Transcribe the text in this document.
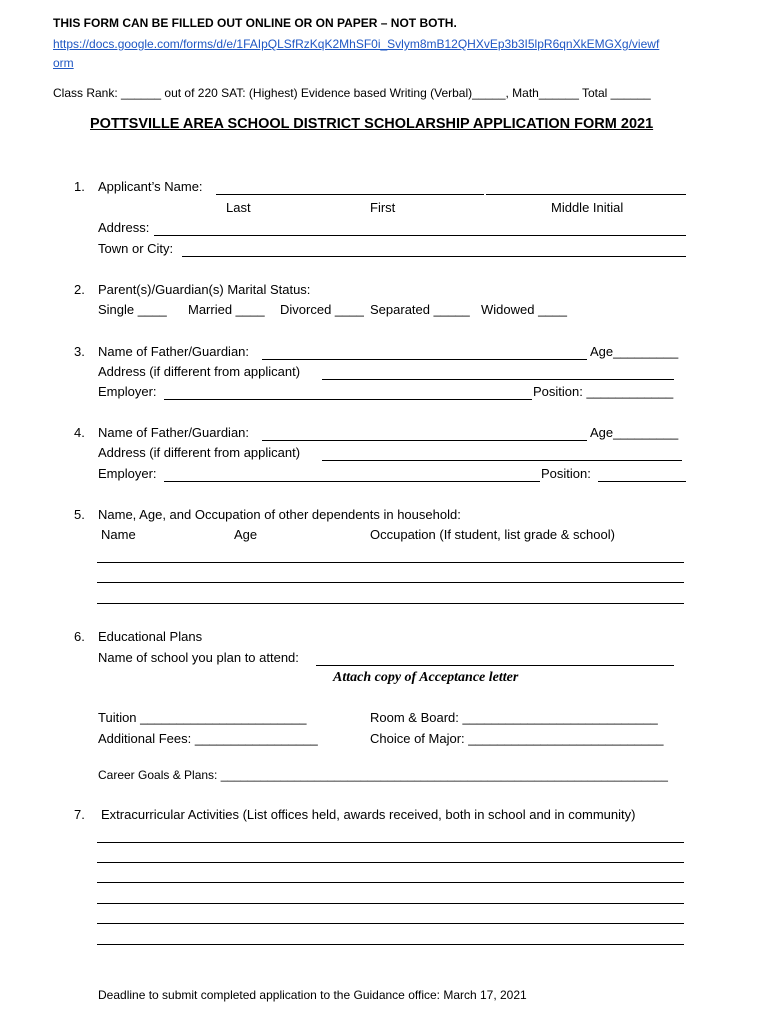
THIS FORM CAN BE FILLED OUT ONLINE OR ON PAPER – NOT BOTH.
https://docs.google.com/forms/d/e/1FAIpQLSfRzKqK2MhSF0i_Svlym8mB12QHXvEp3b3I5lpR6qnXkEMGXg/viewf
orm
Class Rank: ______ out of 220 SAT: (Highest) Evidence based Writing (Verbal)_____, Math______ Total ______
POTTSVILLE AREA SCHOOL DISTRICT SCHOLARSHIP APPLICATION FORM 2021
1. Applicant’s Name:
Last	First	Middle Initial
Address:
Town or City:
2. Parent(s)/Guardian(s) Marital Status:
Single ____ Married ____ Divorced ____ Separated _____ Widowed ____
3. Name of Father/Guardian:	Age_________
Address (if different from applicant)
Employer:	Position: ____________
4. Name of Father/Guardian:	Age_________
Address (if different from applicant)
Employer:	Position:
5. Name, Age, and Occupation of other dependents in household:
Name	Age	Occupation (If student, list grade & school)
6. Educational Plans
Name of school you plan to attend:
Attach copy of Acceptance letter
Tuition _______________________	Room & Board: ___________________________
Additional Fees: _________________	Choice of Major: ___________________________
Career Goals & Plans: ___________________________________________________________________
7. Extracurricular Activities (List offices held, awards received, both in school and in community)
Deadline to submit completed application to the Guidance office: March 17, 2021
